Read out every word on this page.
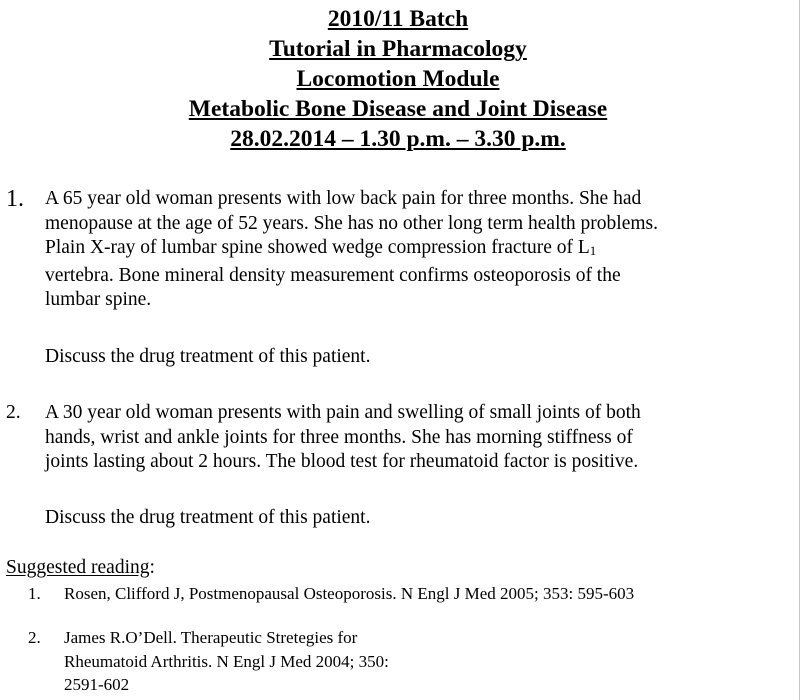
2010/11 Batch
Tutorial in Pharmacology
Locomotion Module
Metabolic Bone Disease and Joint Disease
28.02.2014 – 1.30 p.m. – 3.30 p.m.
1. A 65 year old woman presents with low back pain for three months. She had
menopause at the age of 52 years. She has no other long term health problems.
Plain X-ray of lumbar spine showed wedge compression fracture of $L_1$
vertebra. Bone mineral density measurement confirms osteoporosis of the
lumbar spine.
Discuss the drug treatment of this patient.
2. A 30 year old woman presents with pain and swelling of small joints of both
hands, wrist and ankle joints for three months. She has morning stiffness of
joints lasting about 2 hours. The blood test for rheumatoid factor is positive.
Discuss the drug treatment of this patient.
Suggested reading:
1. Rosen, Clifford J, Postmenopausal Osteoporosis. N Engl J Med 2005; 353: 595-603
2. James R.O’Dell. Therapeutic Stretegies for
Rheumatoid Arthritis. N Engl J Med 2004; 350:
2591-602
